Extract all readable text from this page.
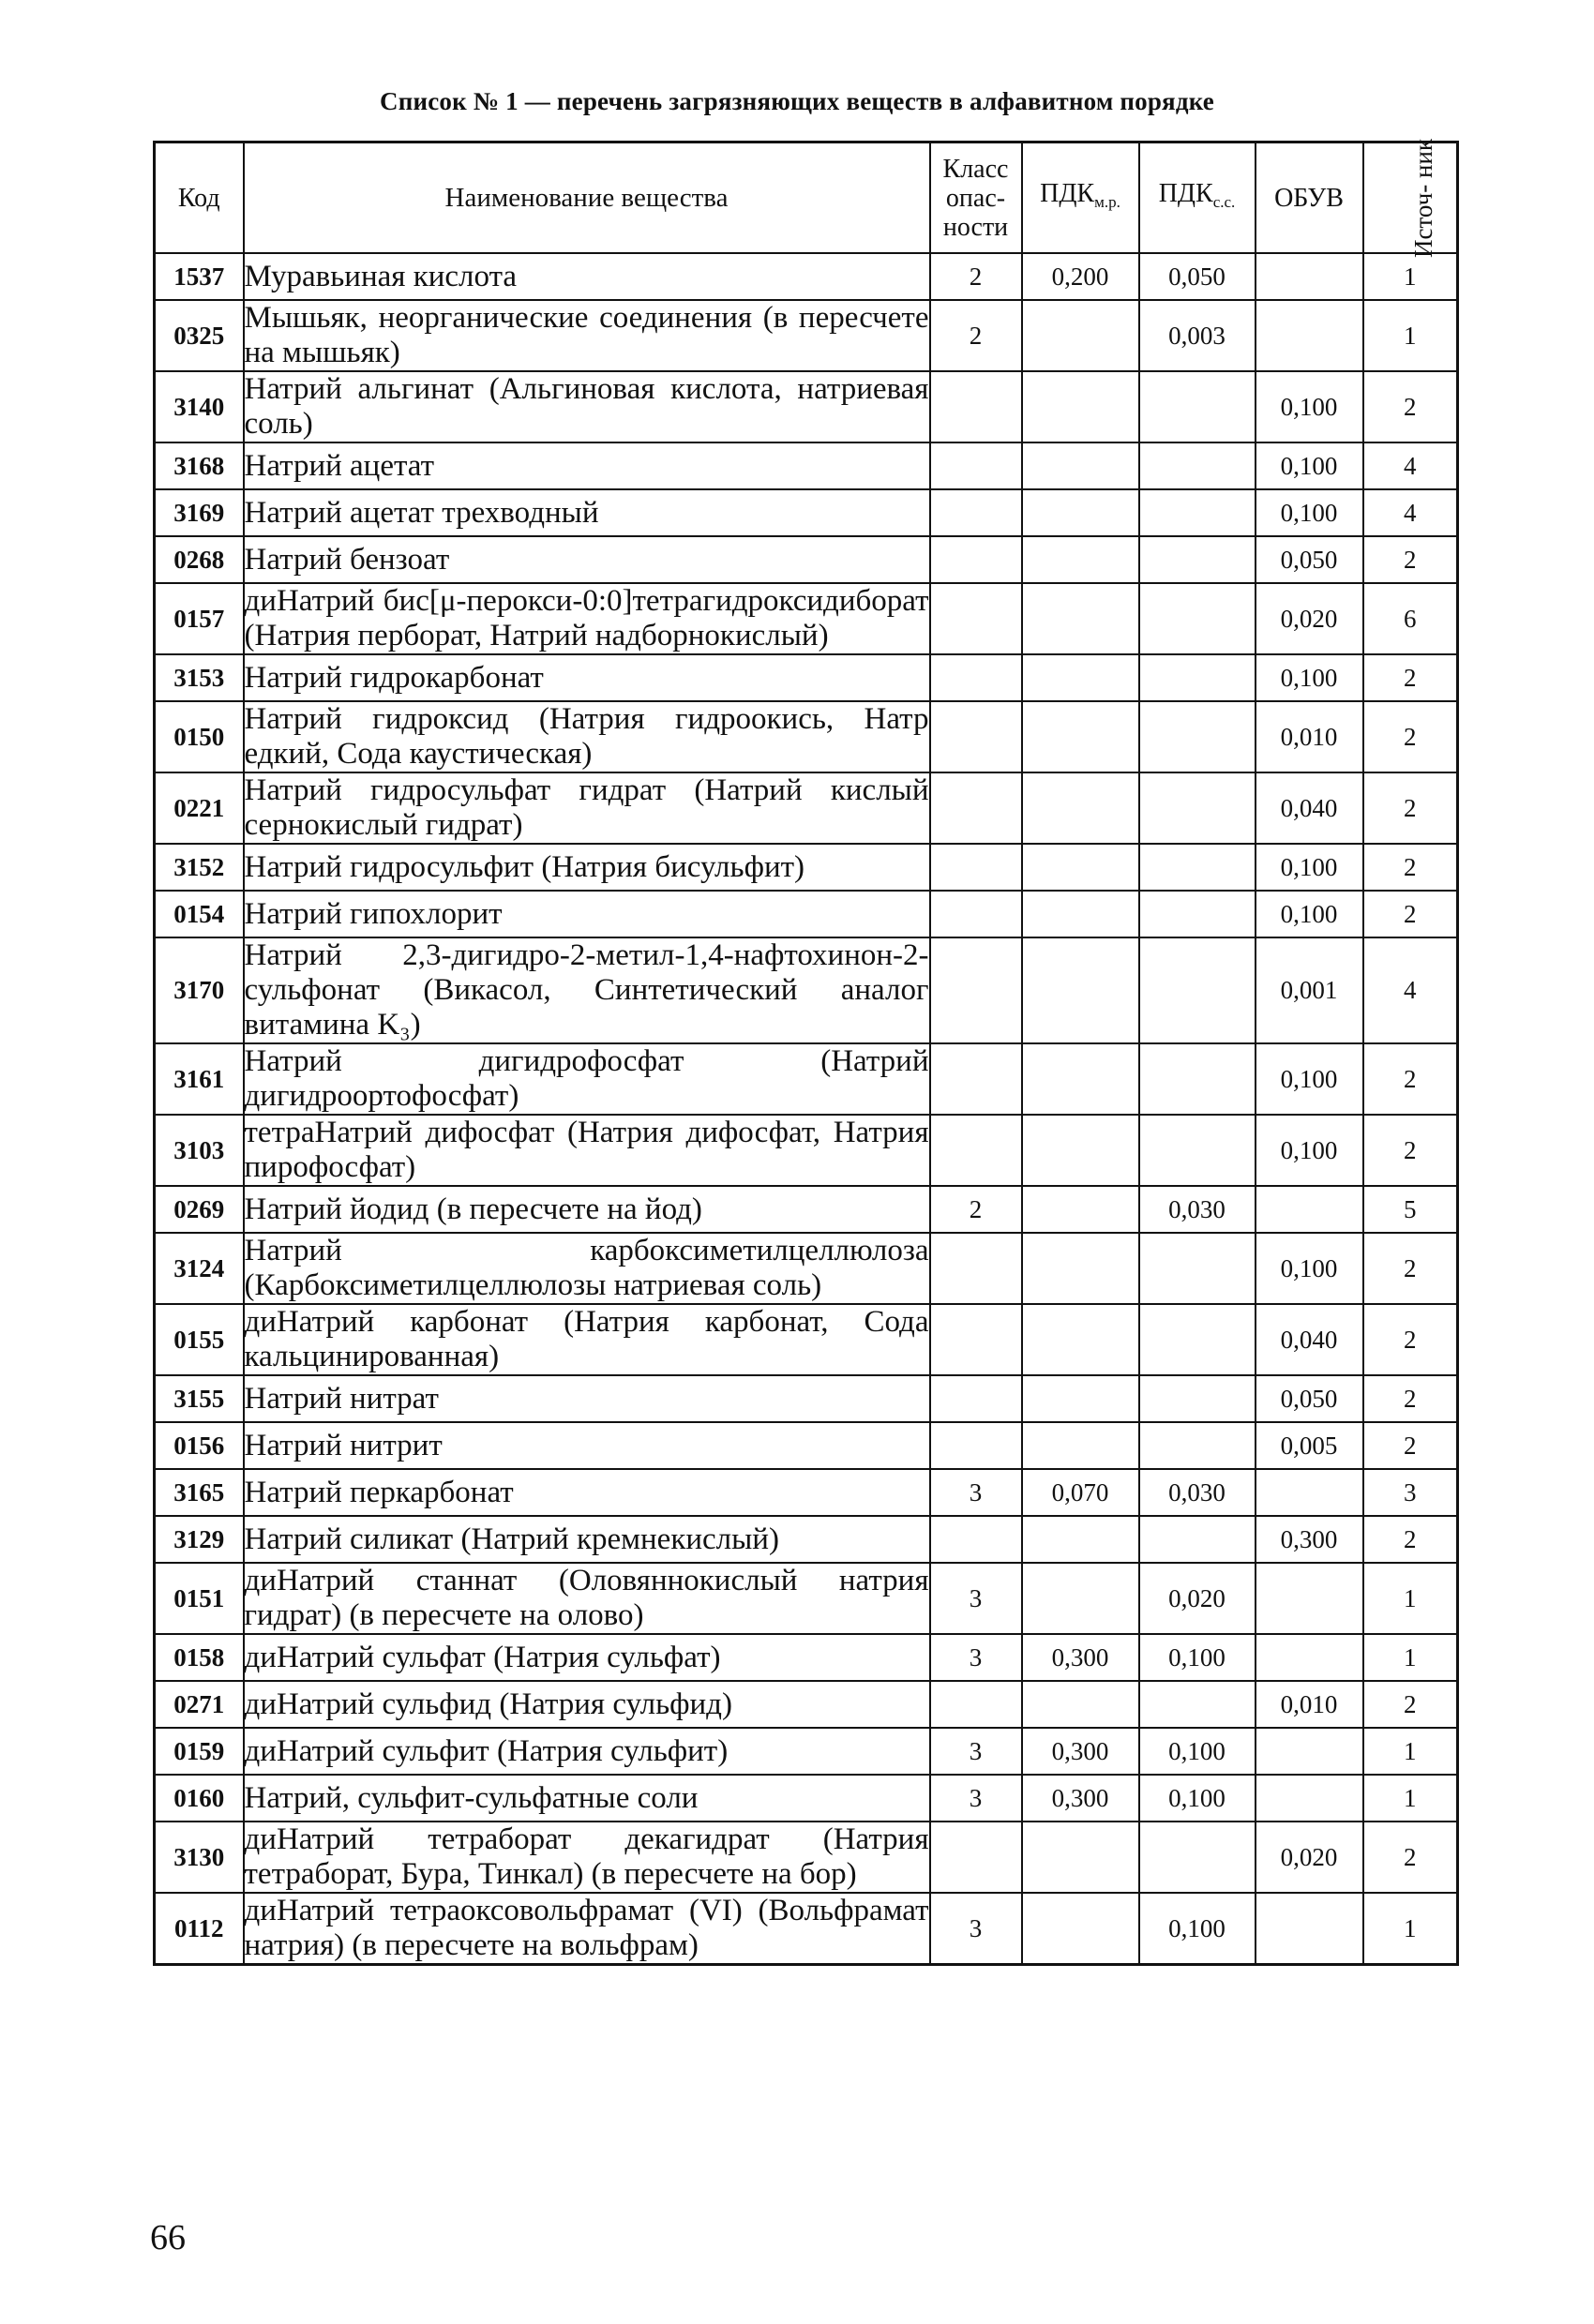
Список № 1 — перечень загрязняющих веществ в алфавитном порядке
Код	Наименование вещества	Класс опас- ности	$ПДК_{м.р.}$	$ПДК_{с.с.}$	ОБУВ	Источ- ник
1537	Муравьиная кислота	2	0,200	0,050		1
0325	Мышьяк, неорганические соединения (в пересчете на мышьяк)	2		0,003		1
3140	Натрий альгинат (Альгиновая кислота, натриевая соль)				0,100	2
3168	Натрий ацетат				0,100	4
3169	Натрий ацетат трехводный				0,100	4
0268	Натрий бензоат				0,050	2
0157	диНатрий бис[μ-перокси-0:0]тетрагидроксидиборат (Натрия перборат, Натрий надборнокислый)				0,020	6
3153	Натрий гидрокарбонат				0,100	2
0150	Натрий гидроксид (Натрия гидроокись, Натр едкий, Сода каустическая)				0,010	2
0221	Натрий гидросульфат гидрат (Натрий кислый сернокислый гидрат)				0,040	2
3152	Натрий гидросульфит (Натрия бисульфит)				0,100	2
0154	Натрий гипохлорит				0,100	2
3170	Натрий 2,3-дигидро-2-метил-1,4-нафтохинон-2-сульфонат (Викасол, Синтетический аналог витамина K₃)				0,001	4
3161	Натрий дигидрофосфат (Натрий дигидроортофосфат)				0,100	2
3103	тетраНатрий дифосфат (Натрия дифосфат, Натрия пирофосфат)				0,100	2
0269	Натрий йодид (в пересчете на йод)	2		0,030		5
3124	Натрий карбоксиметилцеллюлоза (Карбоксиметилцеллюлозы натриевая соль)				0,100	2
0155	диНатрий карбонат (Натрия карбонат, Сода кальцинированная)				0,040	2
3155	Натрий нитрат				0,050	2
0156	Натрий нитрит				0,005	2
3165	Натрий перкарбонат	3	0,070	0,030		3
3129	Натрий силикат (Натрий кремнекислый)				0,300	2
0151	диНатрий станнат (Оловяннокислый натрия гидрат) (в пересчете на олово)	3		0,020		1
0158	диНатрий сульфат (Натрия сульфат)	3	0,300	0,100		1
0271	диНатрий сульфид (Натрия сульфид)				0,010	2
0159	диНатрий сульфит (Натрия сульфит)	3	0,300	0,100		1
0160	Натрий, сульфит-сульфатные соли	3	0,300	0,100		1
3130	диНатрий тетраборат декагидрат (Натрия тетраборат, Бура, Тинкал) (в пересчете на бор)				0,020	2
0112	диНатрий тетраоксовольфрамат (VI) (Вольфрамат натрия) (в пересчете на вольфрам)	3		0,100		1
66
